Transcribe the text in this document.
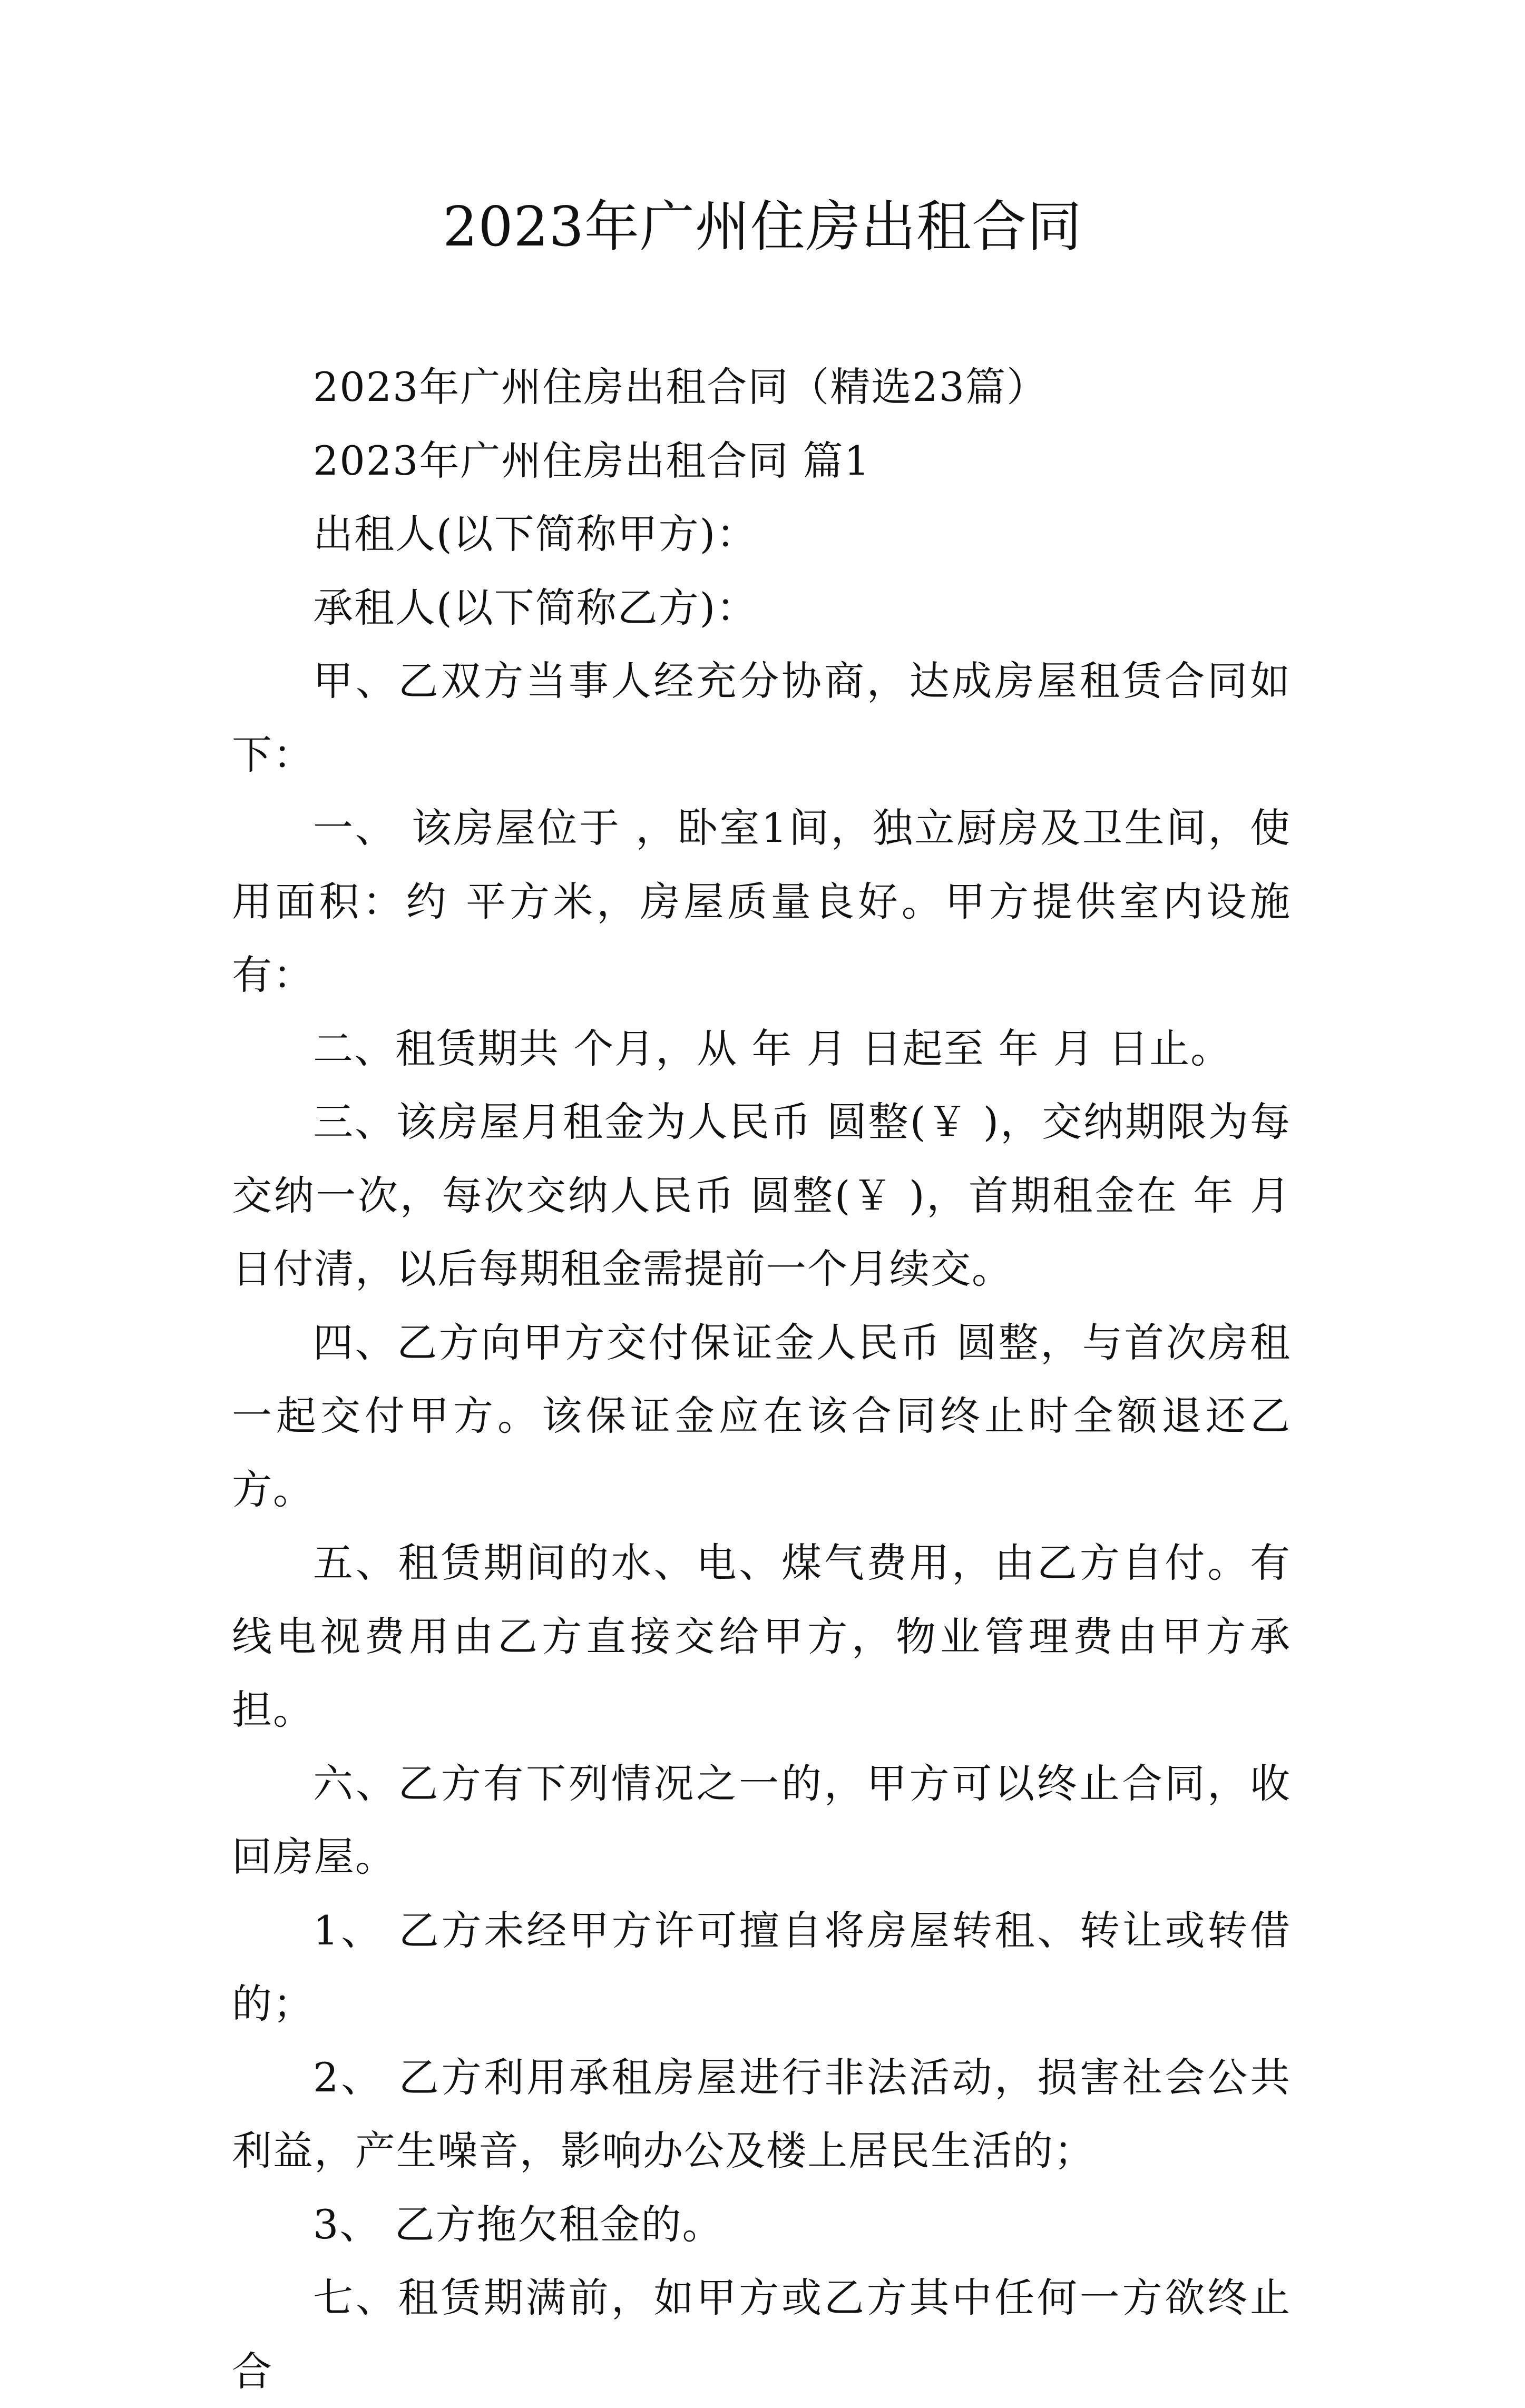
2023年广州住房出租合同

2023年广州住房出租合同（精选23篇）

2023年广州住房出租合同 篇1

出租人(以下简称甲方)：

承租人(以下简称乙方)：

甲、乙双方当事人经充分协商，达成房屋租赁合同如下：

一、 该房屋位于 ，卧室1间，独立厨房及卫生间，使用面积：约 平方米，房屋质量良好。甲方提供室内设施有：

二、租赁期共 个月，从 年 月 日起至 年 月 日止。

三、该房屋月租金为人民币 圆整(￥ )，交纳期限为每 交纳一次，每次交纳人民币 圆整(￥ )，首期租金在 年 月 日付清，以后每期租金需提前一个月续交。

四、乙方向甲方交付保证金人民币 圆整，与首次房租一起交付甲方。该保证金应在该合同终止时全额退还乙方。

五、租赁期间的水、电、煤气费用，由乙方自付。有线电视费用由乙方直接交给甲方，物业管理费由甲方承担。

六、乙方有下列情况之一的，甲方可以终止合同，收回房屋。

1、 乙方未经甲方许可擅自将房屋转租、转让或转借的；

2、 乙方利用承租房屋进行非法活动，损害社会公共利益，产生噪音，影响办公及楼上居民生活的；

3、 乙方拖欠租金的。

七、租赁期满前，如甲方或乙方其中任何一方欲终止合
